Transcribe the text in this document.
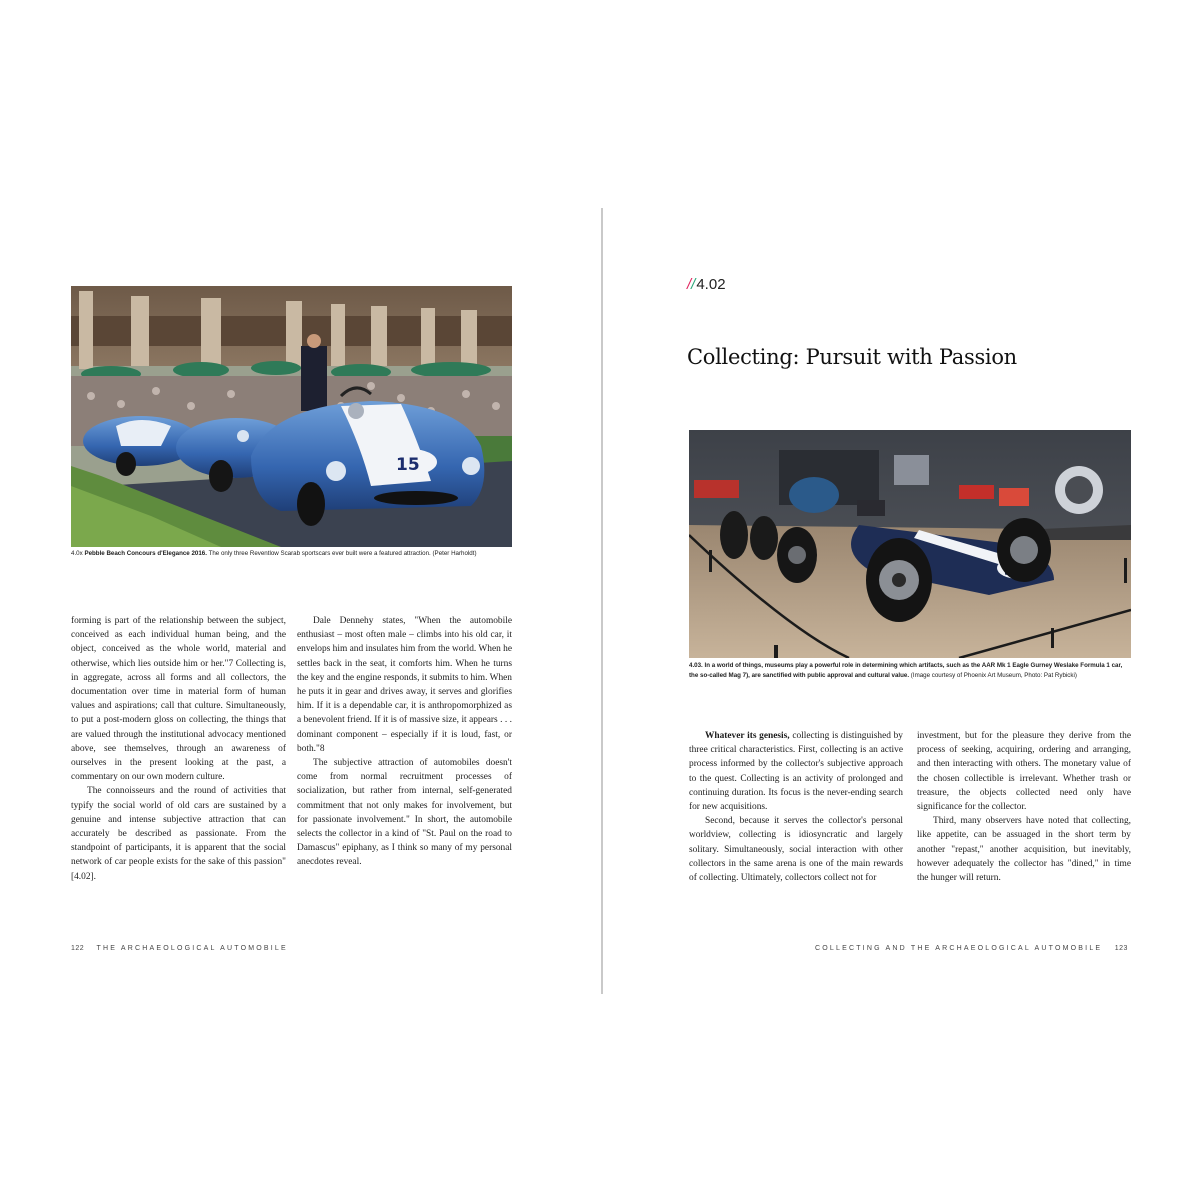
15
4.0x Pebble Beach Concours d'Elegance 2016. The only three Reventlow Scarab sportscars ever built were a featured attraction. (Peter Harholdt)

forming is part of the relationship between the subject, conceived as each individual human being, and the object, conceived as the whole world, material and otherwise, which lies outside him or her."7 Collecting is, in aggregate, across all forms and all collectors, the documentation over time in material form of human values and aspirations; call that culture. Simultaneously, to put a post-modern gloss on collecting, the things that are valued through the institutional advocacy mentioned above, see themselves, through an awareness of ourselves in the present looking at the past, a commentary on our own modern culture.

The connoisseurs and the round of activities that typify the social world of old cars are sustained by a genuine and intense subjective attraction that can accurately be described as passionate. From the standpoint of participants, it is apparent that the social network of car people exists for the sake of this passion" [4.02].

Dale Dennehy states, "When the automobile enthusiast – most often male – climbs into his old car, it envelops him and insulates him from the world. When he settles back in the seat, it comforts him. When he turns the key and the engine responds, it submits to him. When he puts it in gear and drives away, it serves and glorifies him. If it is a dependable car, it is anthropomorphized as a benevolent friend. If it is of massive size, it appears . . . dominant component – especially if it is loud, fast, or both."8

The subjective attraction of automobiles doesn't come from normal recruitment processes of socialization, but rather from internal, self-generated commitment that not only makes for involvement, but for passionate involvement." In short, the automobile selects the collector in a kind of "St. Paul on the road to Damascus" epiphany, as I think so many of my personal anecdotes reveal.

122 THE ARCHAEOLOGICAL AUTOMOBILE
//4.02
Collecting: Pursuit with Passion
4.03. In a world of things, museums play a powerful role in determining which artifacts, such as the AAR Mk 1 Eagle Gurney Weslake Formula 1 car, the so-called Mag 7), are sanctified with public approval and cultural value. (Image courtesy of Phoenix Art Museum, Photo: Pat Rybicki)

Whatever its genesis, collecting is distinguished by three critical characteristics. First, collecting is an active process informed by the collector's subjective approach to the quest. Collecting is an activity of prolonged and continuing duration. Its focus is the never-ending search for new acquisitions.

Second, because it serves the collector's personal worldview, collecting is idiosyncratic and largely solitary. Simultaneously, social interaction with other collectors in the same arena is one of the main rewards of collecting. Ultimately, collectors collect not for

investment, but for the pleasure they derive from the process of seeking, acquiring, ordering and arranging, and then interacting with others. The monetary value of the chosen collectible is irrelevant. Whether trash or treasure, the objects collected need only have significance for the collector.

Third, many observers have noted that collecting, like appetite, can be assuaged in the short term by another "repast," another acquisition, but inevitably, however adequately the collector has "dined," in time the hunger will return.

COLLECTING AND THE ARCHAEOLOGICAL AUTOMOBILE 123
